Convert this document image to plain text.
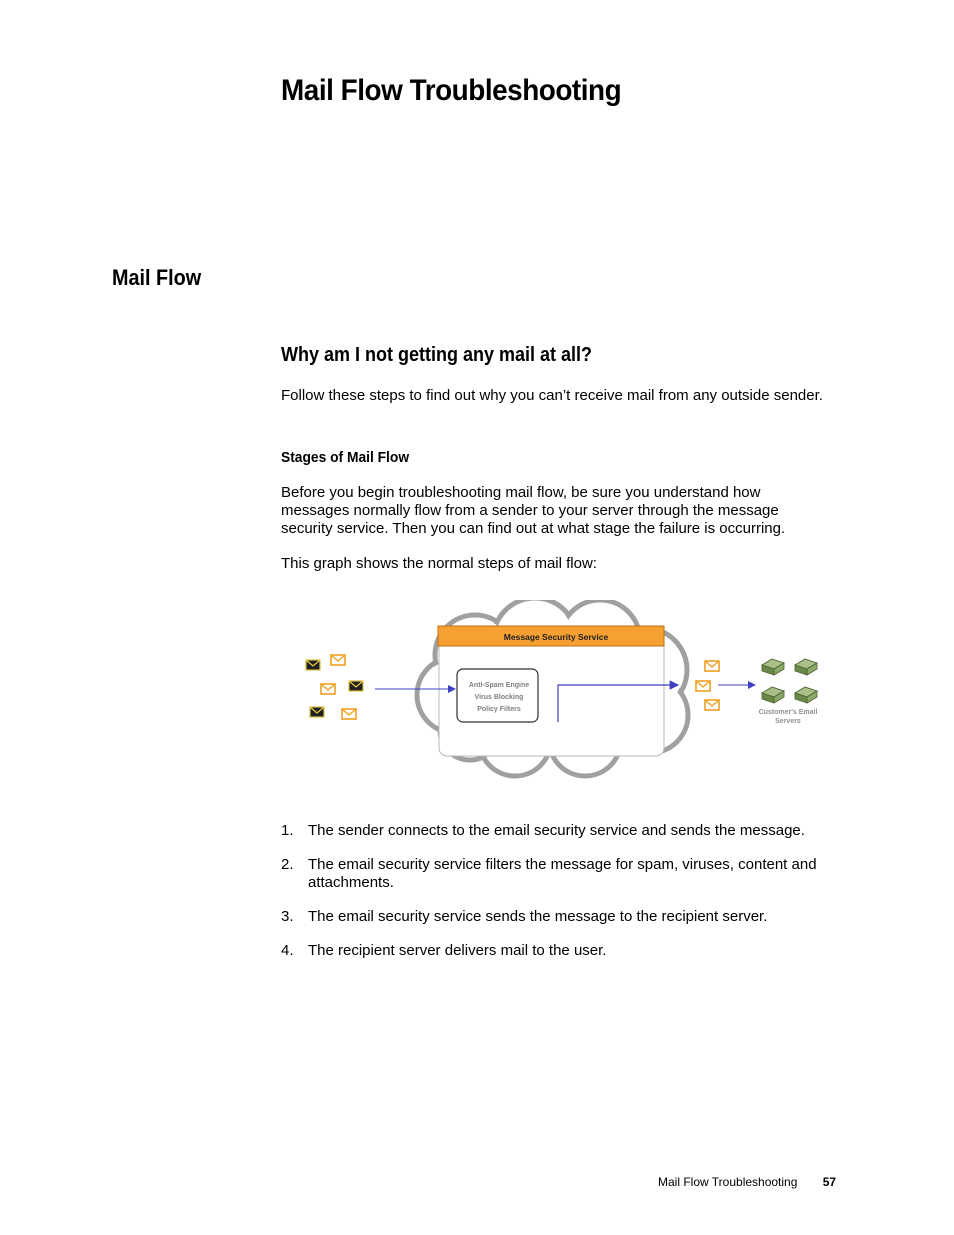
Mail Flow Troubleshooting
Mail Flow
Why am I not getting any mail at all?

Follow these steps to find out why you can’t receive mail from any outside sender.

Stages of Mail Flow

Before you begin troubleshooting mail flow, be sure you understand how messages normally flow from a sender to your server through the message security service. Then you can find out at what stage the failure is occurring.

This graph shows the normal steps of mail flow:

Message Security Service
Anti-Spam Engine
Virus Blocking
Policy Filters	Customer's Email
Servers
1. The sender connects to the email security service and sends the message.
2. The email security service filters the message for spam, viruses, content and attachments.
3. The email security service sends the message to the recipient server.
4. The recipient server delivers mail to the user.
Mail Flow Troubleshooting 57
